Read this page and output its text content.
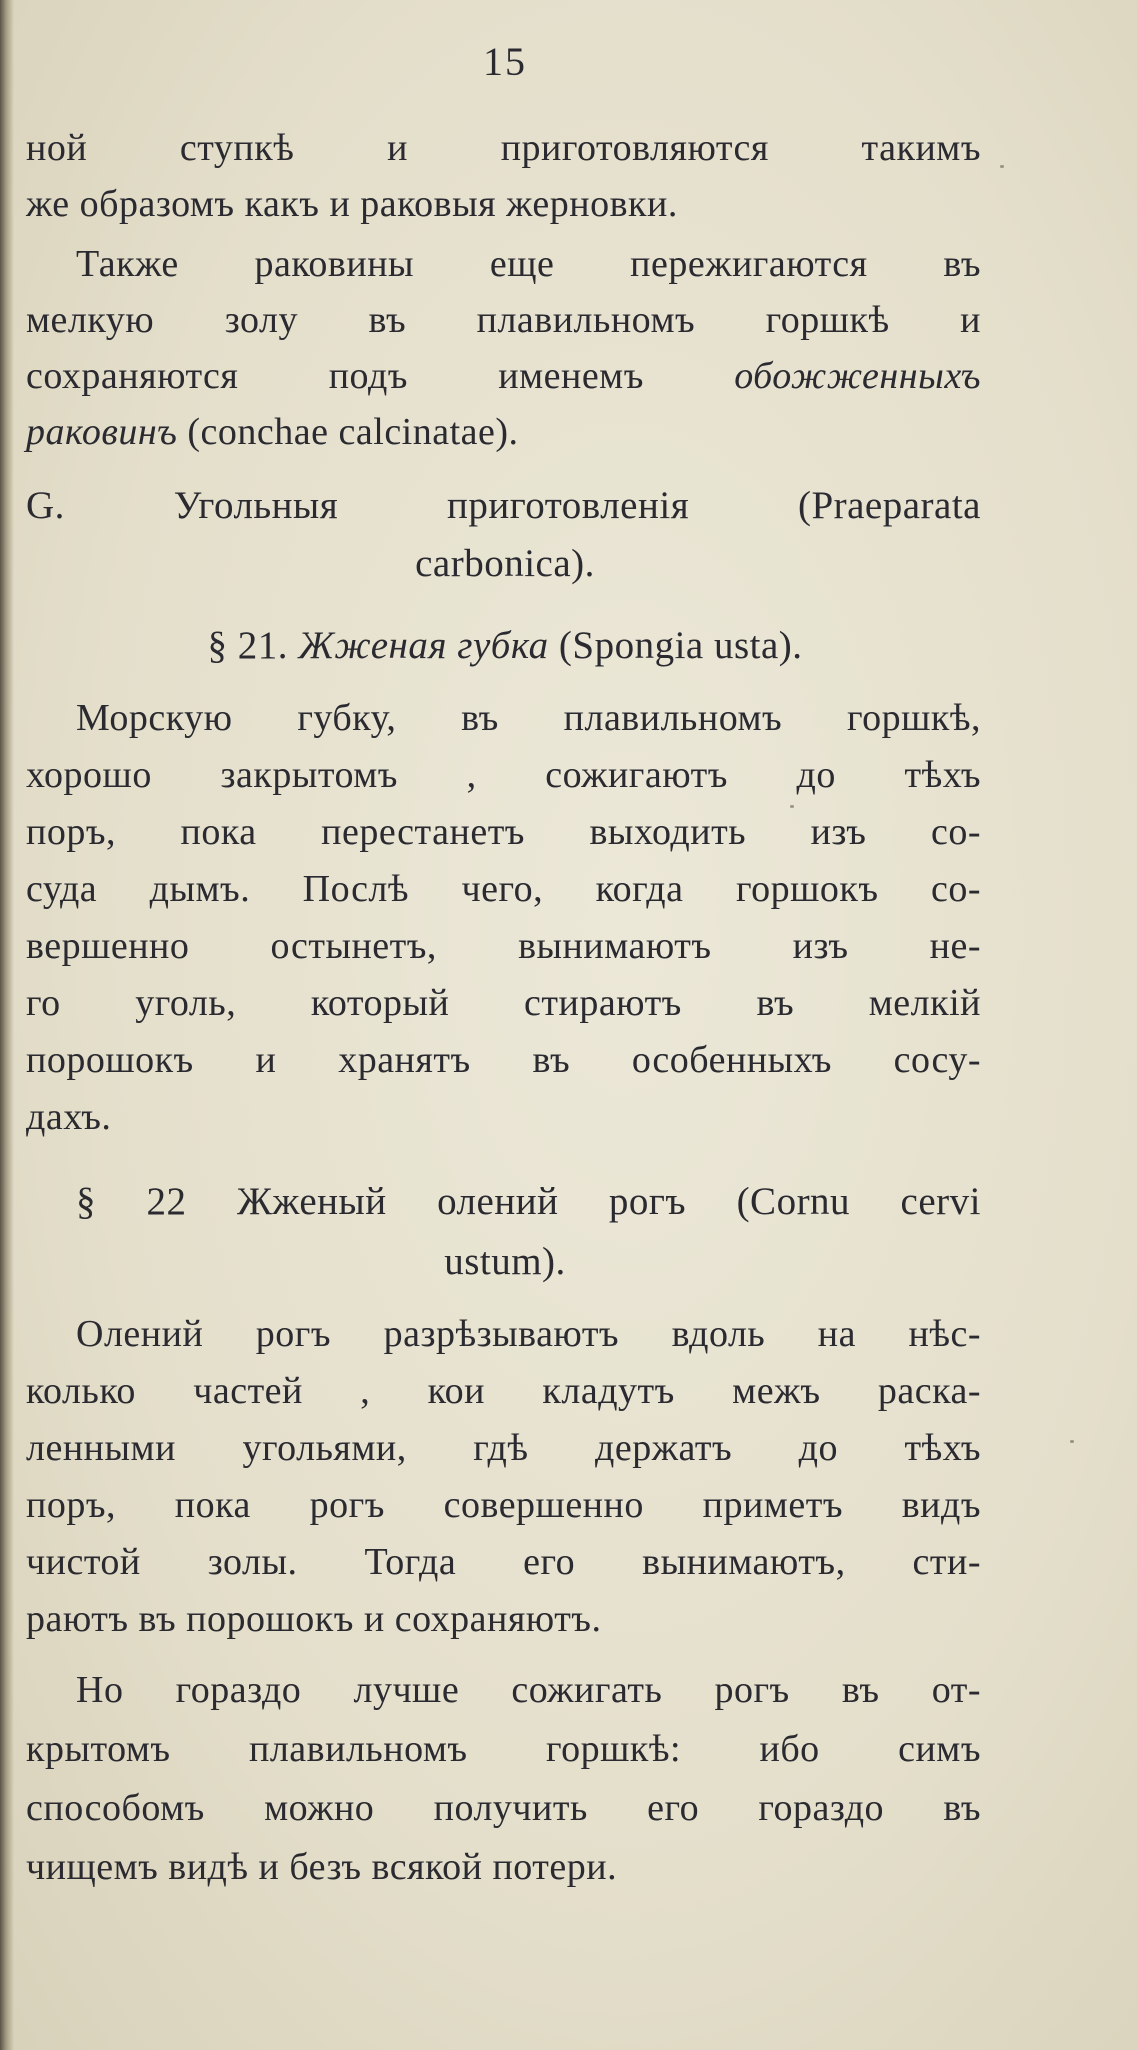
15
ной ступкѣ и приготовляются такимъ
же образомъ какъ и раковыя жерновки.
Также раковины еще пережигаются въ
мелкую золу въ плавильномъ горшкѣ и
сохраняются подъ именемъ обожженныхъ
раковинъ (conchae calcinatae).
G. Угольныя приготовленія (Praeparata
carbonica).
§ 21. Жженая губка (Spongia usta).
Морскую губку, въ плавильномъ горшкѣ,
хорошо закрытомъ , сожигаютъ до тѣхъ
поръ, пока перестанетъ выходить изъ со-
суда дымъ. Послѣ чего, когда горшокъ со-
вершенно остынетъ, вынимаютъ изъ не-
го уголь, который стираютъ въ мелкій
порошокъ и хранятъ въ особенныхъ сосу-
дахъ.
§ 22 Жженый олений рогъ (Cornu cervi
ustum).
Олений рогъ разрѣзываютъ вдоль на нѣс-
колько частей , кои кладутъ межъ раска-
ленными угольями, гдѣ держатъ до тѣхъ
поръ, пока рогъ совершенно приметъ видъ
чистой золы. Тогда его вынимаютъ, сти-
раютъ въ порошокъ и сохраняютъ.
Но гораздо лучше сожигать рогъ въ от-
крытомъ плавильномъ горшкѣ: ибо симъ
способомъ можно получить его гораздо въ
чищемъ видѣ и безъ всякой потери.
